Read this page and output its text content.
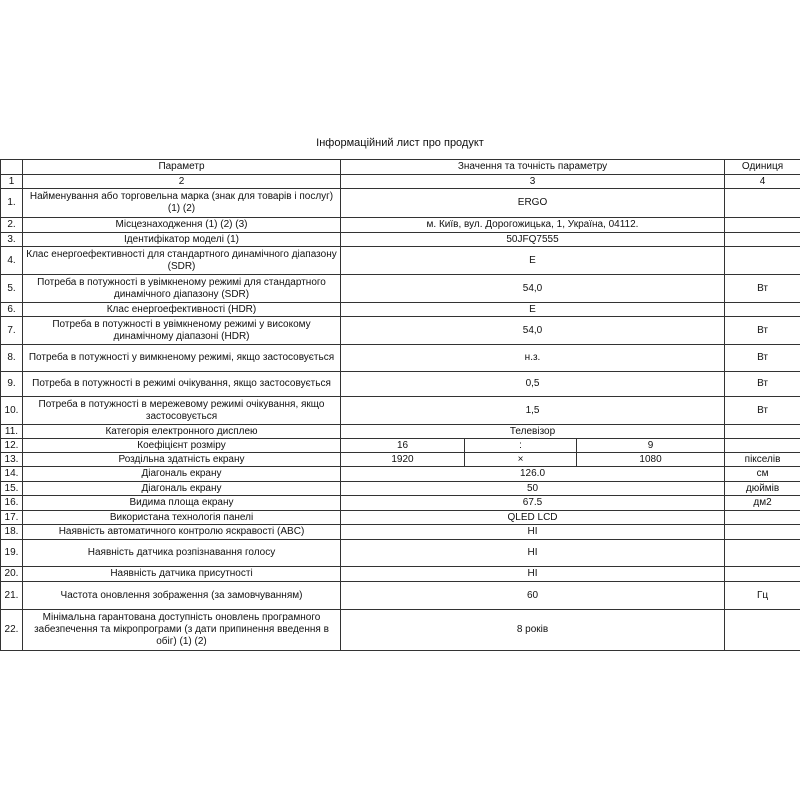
Інформаційний лист про продукт
	Параметр	Значення та точність параметру			Одиниця
1	2	3			4
1.	Найменування або торговельна марка (знак для товарів і послуг)(1) (2)	ERGO			
2.	Місцезнаходження (1) (2) (3)	м. Київ, вул. Дорогожицька, 1, Україна, 04112.			
3.	Ідентифікатор моделі (1)	50JFQ7555			
4.	Клас енергоефективності для стандартного динамічного діапазону (SDR)	E			
5.	Потреба в потужності в увімкненому режимі для стандартного динамічного діапазону (SDR)	54,0			Вт
6.	Клас енергоефективності (HDR)	E			
7.	Потреба в потужності в увімкненому режимі у високому динамічному діапазоні (HDR)	54,0			Вт
8.	Потреба в потужності у вимкненому режимі, якщо застосовується	н.з.			Вт
9.	Потреба в потужності в режимі очікування, якщо застосовується	0,5			Вт
10.	Потреба в потужності в мережевому режимі очікування, якщо застосовується	1,5			Вт
11.	Категорія електронного дисплею	Телевізор			
12.	Коефіцієнт розміру	16	:	9	
13.	Роздільна здатність екрану	1920	×	1080	пікселів
14.	Діагональ екрану	126.0			см
15.	Діагональ екрану	50			дюймів
16.	Видима площа екрану	67.5			дм2
17.	Використана технологія панелі	QLED LCD			
18.	Наявність автоматичного контролю яскравості (ABC)	НІ			
19.	Наявність датчика розпізнавання голосу	НІ			
20.	Наявність датчика присутності	НІ			
21.	Частота оновлення зображення (за замовчуванням)	60			Гц
22.	Мінімальна гарантована доступність оновлень програмного забезпечення та мікропрограми (з дати припинення введення в обіг) (1) (2)	8 років			
